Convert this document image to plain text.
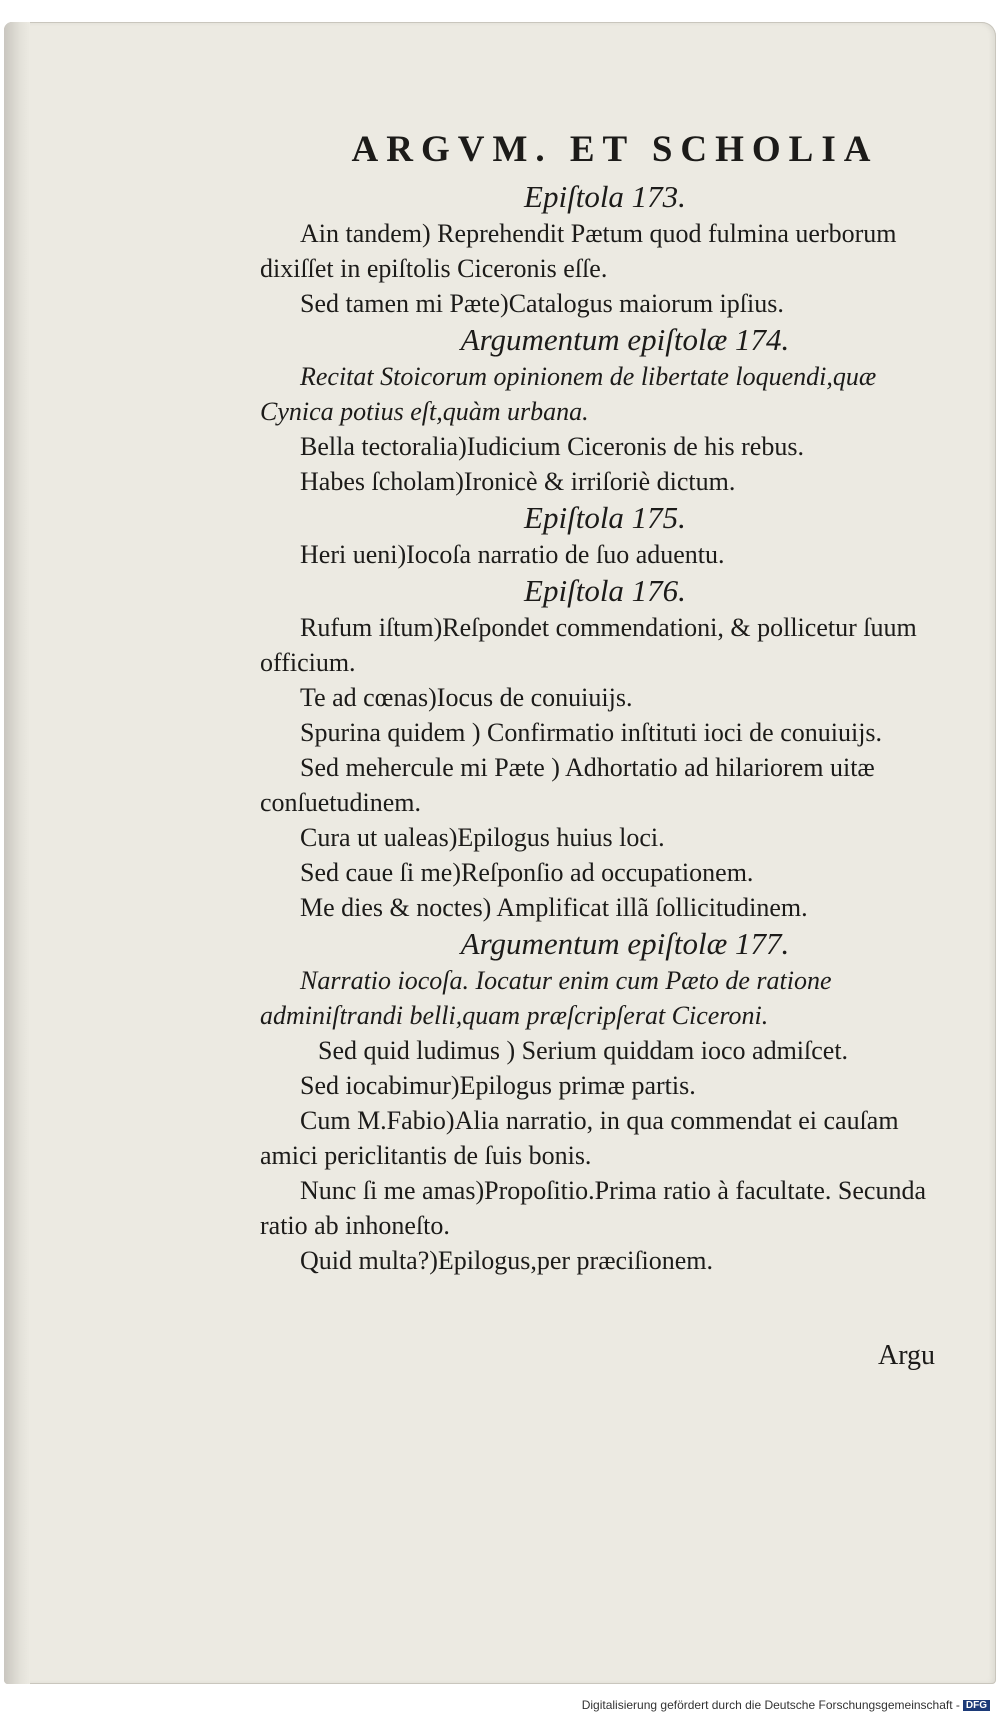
ARGVM. ET SCHOLIA
Epiſtola 173.
Ain tandem) Reprehendit Pætum quod fulmina uerborum dixiſſet in epiſtolis Ciceronis eſſe.
Sed tamen mi Pæte)Catalogus maiorum ipſius.
Argumentum epiſtolæ 174.
Recitat Stoicorum opinionem de libertate loquendi,quæ Cynica potius eſt,quàm urbana.
Bella tectoralia)Iudicium Ciceronis de his rebus.
Habes ſcholam)Ironicè & irriſoriè dictum.
Epiſtola 175.
Heri ueni)Iocoſa narratio de ſuo aduentu.
Epiſtola 176.
Rufum iſtum)Reſpondet commendationi, & pollicetur ſuum officium.
Te ad cœnas)Iocus de conuiuijs.
Spurina quidem ) Confirmatio inſtituti ioci de conuiuijs.
Sed mehercule mi Pæte ) Adhortatio ad hilariorem uitæ conſuetudinem.
Cura ut ualeas)Epilogus huius loci.
Sed caue ſi me)Reſponſio ad occupationem.
Me dies & noctes) Amplificat illã ſollicitudinem.
Argumentum epiſtolæ 177.
Narratio iocoſa. Iocatur enim cum Pæto de ratione adminiſtrandi belli,quam præſcripſerat Ciceroni.
Sed quid ludimus ) Serium quiddam ioco admiſcet.
Sed iocabimur)Epilogus primæ partis.
Cum M.Fabio)Alia narratio, in qua commendat ei cauſam amici periclitantis de ſuis bonis.
Nunc ſi me amas)Propoſitio.Prima ratio à facultate. Secunda ratio ab inhoneſto.
Quid multa?)Epilogus,per præciſionem.
Argu
Digitalisierung gefördert durch die Deutsche Forschungsgemeinschaft - DFG
